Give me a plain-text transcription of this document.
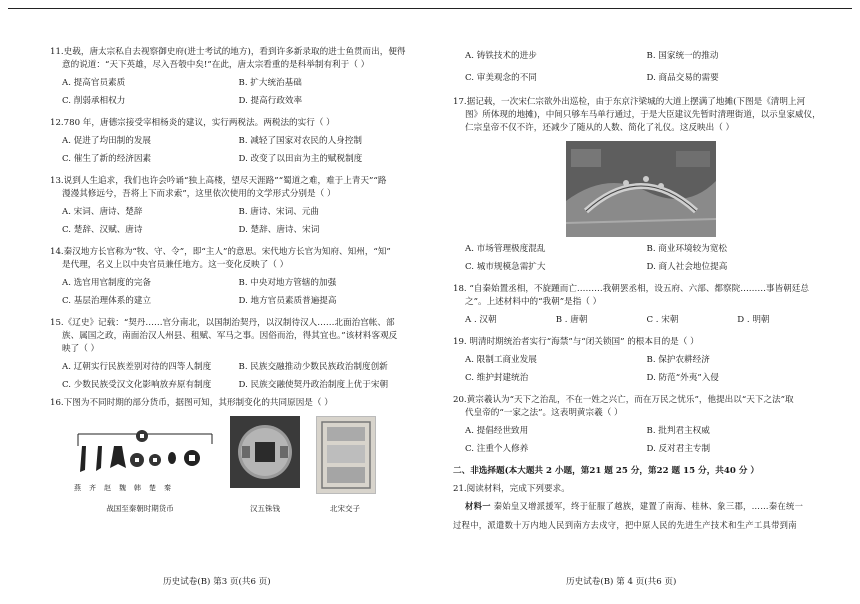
11.史载，唐太宗私自去视察御史府(进士考试的地方)，看到许多新录取的进士鱼贯而出，便得
意的说道：“天下英雄，尽入吾彀中矣!”在此，唐太宗看重的是科举制有利于（ ）
A. 提高官员素质	B. 扩大统治基础
C. 削弱承相权力	D. 提高行政效率
12.780 年，唐德宗接受宰相杨炎的建议，实行两税法。两税法的实行（ ）
A. 促进了均田制的发展	B. 减轻了国家对农民的人身控制
C. 催生了新的经济因素	D. 改变了以田亩为主的赋税制度
13.说到人生追求，我们也许会吟诵“独上高楼，望尽天涯路”“蜀道之难，难于上青天”“路
漫漫其修远兮，吾将上下而求索”，这里依次使用的文学形式分别是（ ）
A. 宋词、唐诗、楚辞	B. 唐诗、宋词、元曲
C. 楚辞、汉赋、唐诗	D. 楚辞、唐诗、宋词
14.秦汉地方长官称为“牧、守、令”，即“主人”的意思。宋代地方长官为知府、知州，“知”
是代理，名义上以中央官员兼任地方。这一变化反映了（ ）
A. 选官用官制度的完备	B. 中央对地方管辖的加强
C. 基层治理体系的建立	D. 地方官员素质普遍提高
15.《辽史》记载：“契丹……官分南北，以国制治契丹，以汉制待汉人……北面治宫帐、部
族、属国之政，南面治汉人州县、租赋、军马之事。因俗而治，得其宜也。”该材料客观反
映了（ ）
A. 辽朝实行民族差别对待的四等人制度	B. 民族交融推动少数民族政治制度创新
C. 少数民族受汉文化影响放弃原有制度	D. 民族交融使契丹政治制度上优于宋朝
16.下图为不同时期的部分货币，据图可知，其形制变化的共同原因是（ ）
燕齐赵魏韩楚秦
战国至秦朝时期货币	汉五铢钱	北宋交子
历史试卷(B) 第3 页(共6 页)
A. 铸铁技术的进步	B. 国家统一的推动
C. 审美观念的不同	D. 商品交易的需要
17.据记载，一次宋仁宗欲外出巡检，由于东京汴梁城的大道上摆满了地摊(下图是《清明上河
图》所体现的地摊)，中间只够车马单行通过，于是大臣建议先暂时清理街道，以示皇家威仪，
仁宗皇帝不仅不许，还减少了随从的人数、简化了礼仪。这反映出（ ）
A. 市场管理极度混乱	B. 商业环境较为宽松
C. 城市规模急需扩大	D. 商人社会地位提高
18. “自秦始置丞相，不旋踵而亡………我朝罢丞相，设五府、六部、都察院………事皆朝廷总
之”。上述材料中的“我朝”是指（ ）
A . 汉朝	B . 唐朝	C . 宋朝	D . 明朝
19. 明清时期统治者实行“海禁”与“闭关锁国” 的根本目的是（ ）
A. 限制工商业发展	B. 保护农耕经济
C. 维护封建统治	D. 防范“外夷”入侵
20.黄宗羲认为“天下之治乱，不在一姓之兴亡，而在万民之忧乐”，他提出以“天下之法”取
代皇帝的“一家之法”。这表明黄宗羲（ ）
A. 提倡经世致用	B. 批判君主权威
C. 注重个人修养	D. 反对君主专制
二、非选择题(本大题共 2 小题，第21 题 25 分，第22 题 15 分，共40 分 ）
21.阅读材料，完成下列要求。
材料一 秦始皇又增派援军，终于征服了越族，建置了南海、桂林、象三郡，……秦在统一
过程中，派遣数十万内地人民到南方去戍守，把中原人民的先进生产技术和生产工具带到南
历史试卷(B) 第 4 页(共6 页)
